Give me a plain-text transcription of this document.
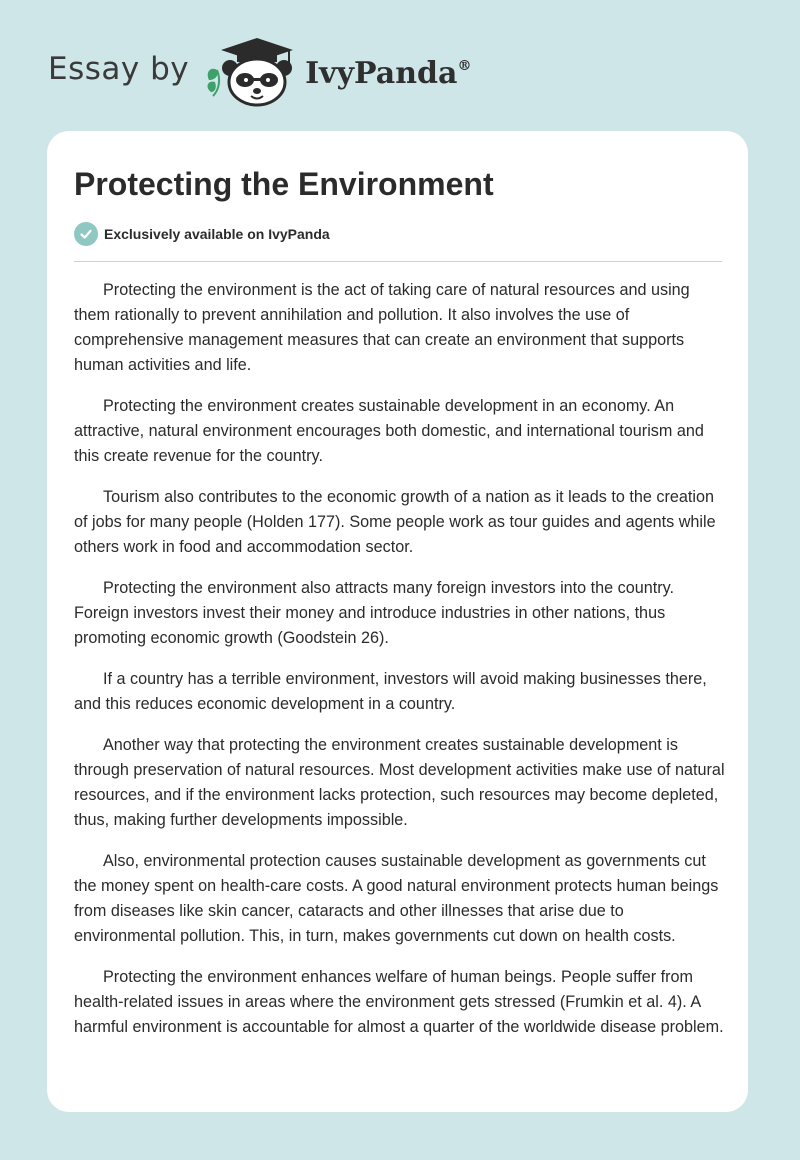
Essay by	IvyPanda®
Protecting the Environment
Exclusively available on IvyPanda

Protecting the environment is the act of taking care of natural resources and using them rationally to prevent annihilation and pollution. It also involves the use of comprehensive management measures that can create an environment that supports human activities and life.

Protecting the environment creates sustainable development in an economy. An attractive, natural environment encourages both domestic, and international tourism and this create revenue for the country.

Tourism also contributes to the economic growth of a nation as it leads to the creation of jobs for many people (Holden 177). Some people work as tour guides and agents while others work in food and accommodation sector.

Protecting the environment also attracts many foreign investors into the country. Foreign investors invest their money and introduce industries in other nations, thus promoting economic growth (Goodstein 26).

If a country has a terrible environment, investors will avoid making businesses there, and this reduces economic development in a country.

Another way that protecting the environment creates sustainable development is through preservation of natural resources. Most development activities make use of natural resources, and if the environment lacks protection, such resources may become depleted, thus, making further developments impossible.

Also, environmental protection causes sustainable development as governments cut the money spent on health-care costs. A good natural environment protects human beings from diseases like skin cancer, cataracts and other illnesses that arise due to environmental pollution. This, in turn, makes governments cut down on health costs.

Protecting the environment enhances welfare of human beings. People suffer from health-related issues in areas where the environment gets stressed (Frumkin et al. 4). A harmful environment is accountable for almost a quarter of the worldwide disease problem.
